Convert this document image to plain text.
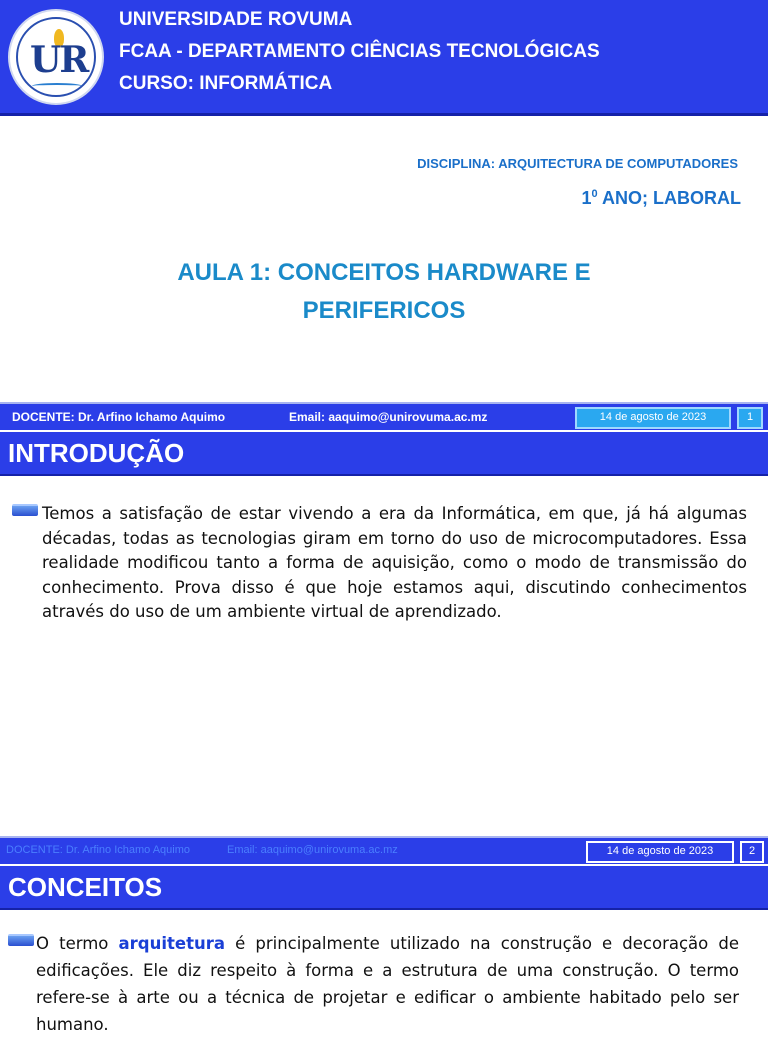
UR
UNIVERSIDADE ROVUMA
FCAA - DEPARTAMENTO CIÊNCIAS TECNOLÓGICAS
CURSO: INFORMÁTICA
DISCIPLINA: ARQUITECTURA DE COMPUTADORES
$1^0$ ANO; LABORAL
AULA 1: CONCEITOS HARDWARE E
PERIFERICOS
DOCENTE: Dr. Arfino Ichamo Aquimo	Email: aaquimo@unirovuma.ac.mz	14 de agosto de 2023	1
INTRODUÇÃO
Temos a satisfação de estar vivendo a era da Informática, em que, já há algumas décadas, todas as tecnologias giram em torno do uso de microcomputadores. Essa realidade modificou tanto a forma de aquisição, como o modo de transmissão do conhecimento. Prova disso é que hoje estamos aqui, discutindo conhecimentos através do uso de um ambiente virtual de aprendizado.
DOCENTE: Dr. Arfino Ichamo Aquimo	Email: aaquimo@unirovuma.ac.mz	14 de agosto de 2023	2
CONCEITOS
O termo arquitetura é principalmente utilizado na construção e decoração de edificações. Ele diz respeito à forma e a estrutura de uma construção. O termo refere-se à arte ou a técnica de projetar e edificar o ambiente habitado pelo ser humano.
